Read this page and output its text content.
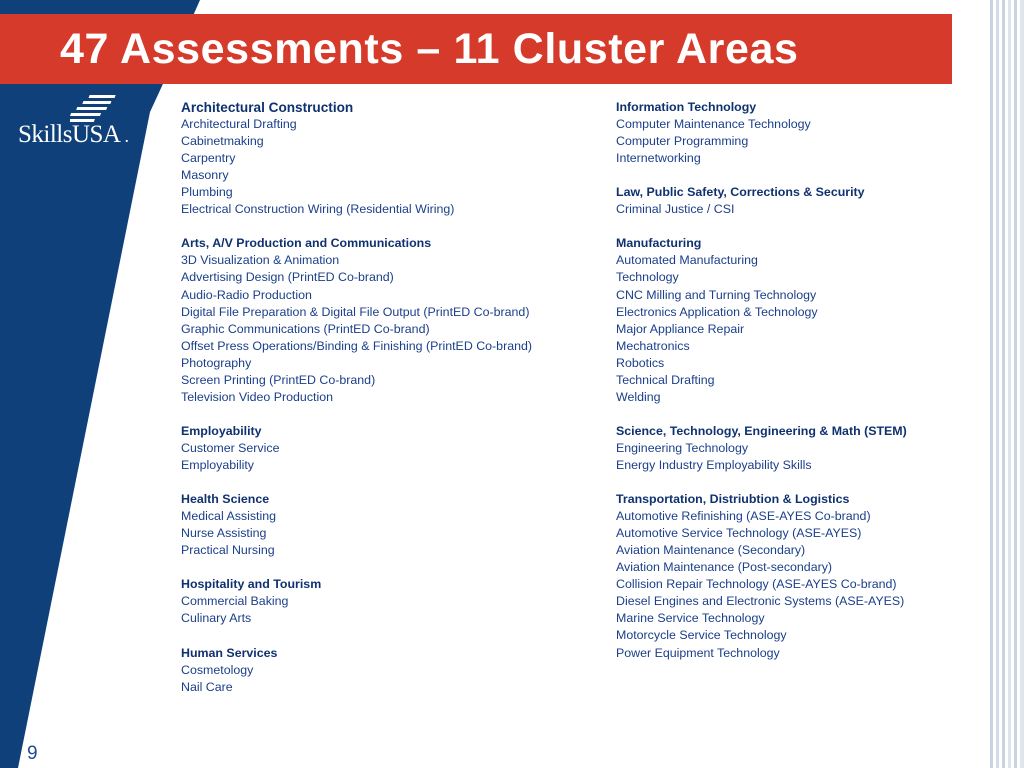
47 Assessments – 11 Cluster Areas
SkillsUSA .
Architectural Construction
Architectural Drafting
Cabinetmaking
Carpentry
Masonry
Plumbing
Electrical Construction Wiring (Residential Wiring)
Arts, A/V Production and Communications
3D Visualization & Animation
Advertising Design (PrintED Co-brand)
Audio-Radio Production
Digital File Preparation & Digital File Output (PrintED Co-brand)
Graphic Communications (PrintED Co-brand)
Offset Press Operations/Binding & Finishing (PrintED Co-brand)
Photography
Screen Printing (PrintED Co-brand)
Television Video Production
Employability
Customer Service
Employability
Health Science
Medical Assisting
Nurse Assisting
Practical Nursing
Hospitality and Tourism
Commercial Baking
Culinary Arts
Human Services
Cosmetology
Nail Care
Information Technology
Computer Maintenance Technology
Computer Programming
Internetworking
Law, Public Safety, Corrections & Security
Criminal Justice / CSI
Manufacturing
Automated Manufacturing
Technology
CNC Milling and Turning Technology
Electronics Application & Technology
Major Appliance Repair
Mechatronics
Robotics
Technical Drafting
Welding
Science, Technology, Engineering & Math (STEM)
Engineering Technology
Energy Industry Employability Skills
Transportation, Distriubtion & Logistics
Automotive Refinishing (ASE-AYES Co-brand)
Automotive Service Technology (ASE-AYES)
Aviation Maintenance (Secondary)
Aviation Maintenance (Post-secondary)
Collision Repair Technology (ASE-AYES Co-brand)
Diesel Engines and Electronic Systems (ASE-AYES)
Marine Service Technology
Motorcycle Service Technology
Power Equipment Technology
9
